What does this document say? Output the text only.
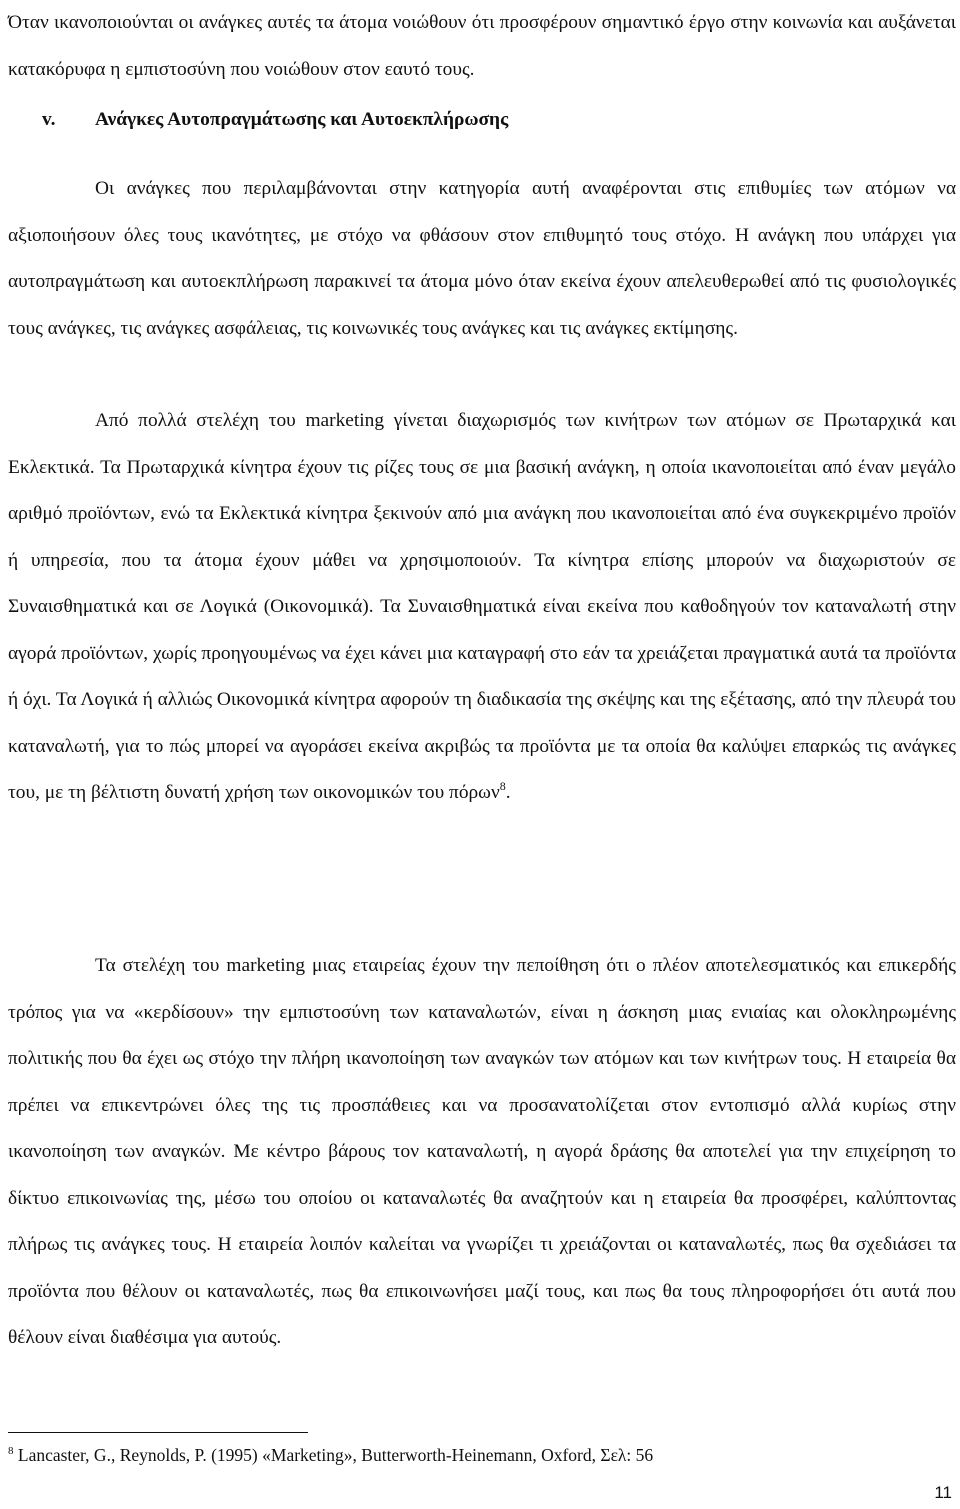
Όταν ικανοποιούνται οι ανάγκες αυτές τα άτομα νοιώθουν ότι προσφέρουν σημαντικό έργο στην κοινωνία και αυξάνεται κατακόρυφα η εμπιστοσύνη που νοιώθουν στον εαυτό τους.

v. Ανάγκες Αυτοπραγμάτωσης και Αυτοεκπλήρωσης

Οι ανάγκες που περιλαμβάνονται στην κατηγορία αυτή αναφέρονται στις επιθυμίες των ατόμων να αξιοποιήσουν όλες τους ικανότητες, με στόχο να φθάσουν στον επιθυμητό τους στόχο. Η ανάγκη που υπάρχει για αυτοπραγμάτωση και αυτοεκπλήρωση παρακινεί τα άτομα μόνο όταν εκείνα έχουν απελευθερωθεί από τις φυσιολογικές τους ανάγκες, τις ανάγκες ασφάλειας, τις κοινωνικές τους ανάγκες και τις ανάγκες εκτίμησης.

Από πολλά στελέχη του marketing γίνεται διαχωρισμός των κινήτρων των ατόμων σε Πρωταρχικά και Εκλεκτικά. Τα Πρωταρχικά κίνητρα έχουν τις ρίζες τους σε μια βασική ανάγκη, η οποία ικανοποιείται από έναν μεγάλο αριθμό προϊόντων, ενώ τα Εκλεκτικά κίνητρα ξεκινούν από μια ανάγκη που ικανοποιείται από ένα συγκεκριμένο προϊόν ή υπηρεσία, που τα άτομα έχουν μάθει να χρησιμοποιούν. Τα κίνητρα επίσης μπορούν να διαχωριστούν σε Συναισθηματικά και σε Λογικά (Οικονομικά). Τα Συναισθηματικά είναι εκείνα που καθοδηγούν τον καταναλωτή στην αγορά προϊόντων, χωρίς προηγουμένως να έχει κάνει μια καταγραφή στο εάν τα χρειάζεται πραγματικά αυτά τα προϊόντα ή όχι. Τα Λογικά ή αλλιώς Οικονομικά κίνητρα αφορούν τη διαδικασία της σκέψης και της εξέτασης, από την πλευρά του καταναλωτή, για το πώς μπορεί να αγοράσει εκείνα ακριβώς τα προϊόντα με τα οποία θα καλύψει επαρκώς τις ανάγκες του, με τη βέλτιστη δυνατή χρήση των οικονομικών του πόρων$^8$.

Τα στελέχη του marketing μιας εταιρείας έχουν την πεποίθηση ότι ο πλέον αποτελεσματικός και επικερδής τρόπος για να «κερδίσουν» την εμπιστοσύνη των καταναλωτών, είναι η άσκηση μιας ενιαίας και ολοκληρωμένης πολιτικής που θα έχει ως στόχο την πλήρη ικανοποίηση των αναγκών των ατόμων και των κινήτρων τους. Η εταιρεία θα πρέπει να επικεντρώνει όλες της τις προσπάθειες και να προσανατολίζεται στον εντοπισμό αλλά κυρίως στην ικανοποίηση των αναγκών. Με κέντρο βάρους τον καταναλωτή, η αγορά δράσης θα αποτελεί για την επιχείρηση το δίκτυο επικοινωνίας της, μέσω του οποίου οι καταναλωτές θα αναζητούν και η εταιρεία θα προσφέρει, καλύπτοντας πλήρως τις ανάγκες τους. Η εταιρεία λοιπόν καλείται να γνωρίζει τι χρειάζονται οι καταναλωτές, πως θα σχεδιάσει τα προϊόντα που θέλουν οι καταναλωτές, πως θα επικοινωνήσει μαζί τους, και πως θα τους πληροφορήσει ότι αυτά που θέλουν είναι διαθέσιμα για αυτούς.

$^8$ Lancaster, G., Reynolds, P. (1995) «Marketing», Butterworth-Heinemann, Oxford, Σελ: 56

11
